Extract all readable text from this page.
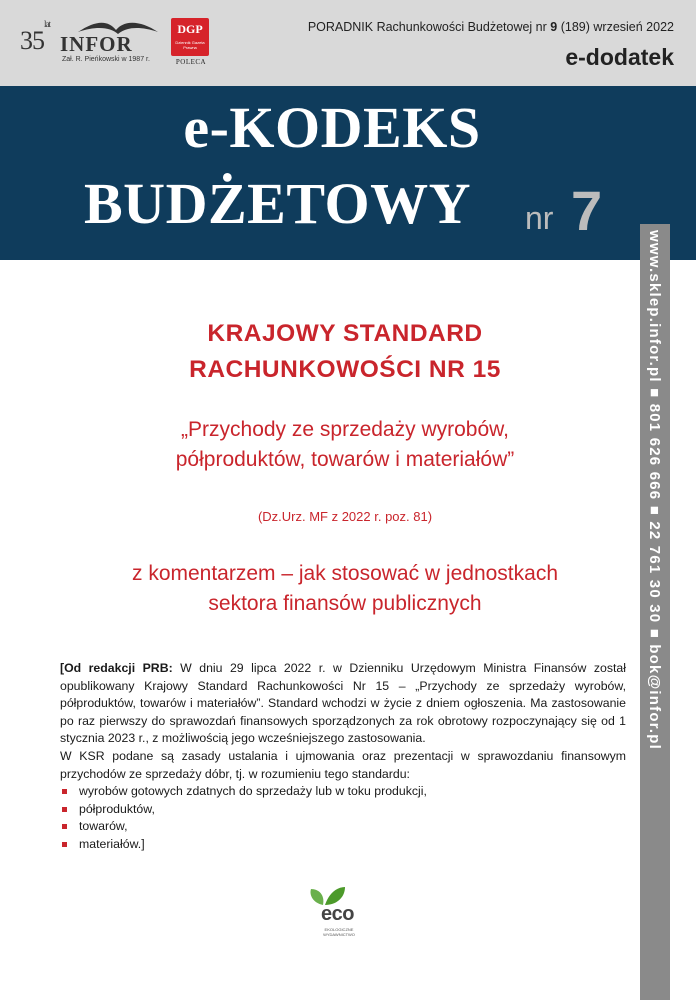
$35^{lat}$
INFOR
Zał. R. Pieńkowski w 1987 r.
DGP
Dziennik Gazeta Prawna
POLECA
PORADNIK Rachunkowości Budżetowej nr 9 (189) wrzesień 2022
e-dodatek
e-KODEKS
BUDŻETOWY nr 7
www.sklep.infor.pl ■ 801 626 666 ■ 22 761 30 30 ■ bok@infor.pl
KRAJOWY STANDARD
RACHUNKOWOŚCI NR 15
„Przychody ze sprzedaży wyrobów,
półproduktów, towarów i materiałów”
(Dz.Urz. MF z 2022 r. poz. 81)
z komentarzem – jak stosować w jednostkach
sektora finansów publicznych

[Od redakcji PRB: W dniu 29 lipca 2022 r. w Dzienniku Urzędowym Ministra Finansów został opublikowany Krajowy Standard Rachunkowości Nr 15 – „Przychody ze sprzedaży wyrobów, półproduktów, towarów i materiałów”. Standard wchodzi w życie z dniem ogłoszenia. Ma zastosowanie po raz pierwszy do sprawozdań finansowych sporządzonych za rok obrotowy rozpoczynający się od 1 stycznia 2023 r., z możliwością jego wcześniejszego zastosowania.

W KSR podane są zasady ustalania i ujmowania oraz prezentacji w sprawozdaniu finansowym przychodów ze sprzedaży dóbr, tj. w rozumieniu tego standardu:

wyrobów gotowych zdatnych do sprzedaży lub w toku produkcji,
półproduktów,
towarów,
materiałów.]
eco
EKOLOGICZNE WYDAWNICTWO
